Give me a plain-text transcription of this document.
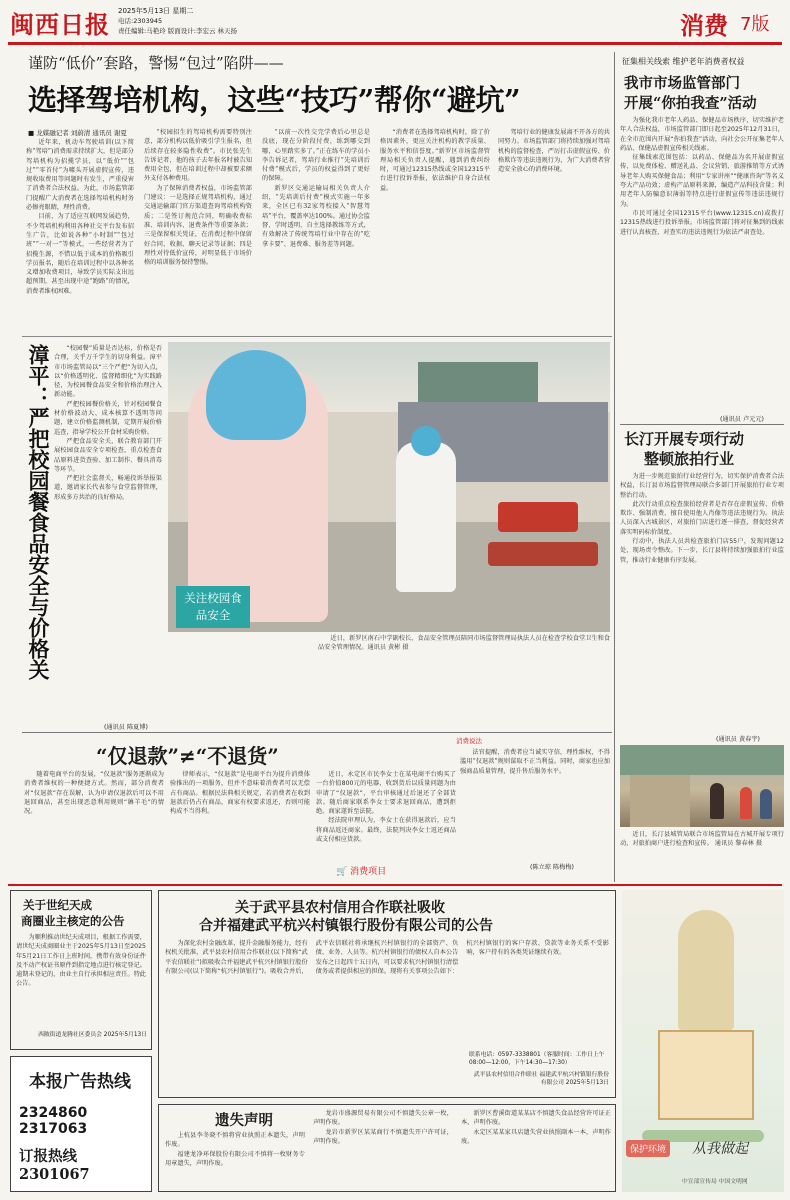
闽西日报 2025年5月13日 星期二
电话:2303945
责任编辑:马艳玲 版面设计:李宏云 林天扬	消费 7版
谨防“低价”套路，警惕“包过”陷阱——
选择驾培机构，这些“技巧”帮你“避坑”
■ 龙媒融记者 刘蔚清 通讯员 谢夏

近年来，机动车驾驶培训(以下简称“驾培”)消费需求持续扩大，但是部分驾培机构为招揽学员，以“低价”“包过”“零首付”为噱头开展虚假宣传，违规收取费用等问题时有发生，严重侵害了消费者合法权益。为此，市场监管部门提醒广大消费者在选择驾培机构时务必擦亮眼睛，理性消费。

目前，为了适应互联网发展趋势，不少驾培机构利用各种社交平台发布招生广告，比如说各种“小时制”“包过班”“一对一”等模式，一些经营者为了招揽生源，不惜以低于成本的价格吸引学员报名，随后在培训过程中以各种名义增加收费项目，导致学员实际支出远超预期，甚至出现中途“跑路”的情况，消费者维权困难。

“校园招生的驾培机构需要特别注意，部分机构以低价吸引学生报名，但后续存在较多隐性收费”。市民张先生告诉记者，他的孩子去年报名时被告知费用全包，但在培训过程中却被要求额外支付各种费用。

为了保障消费者权益，市场监管部门建议：一是选择正规驾培机构，通过交通运输部门官方渠道查询驾培机构资质；二是签订规范合同，明确收费标准、培训内容、退费条件等重要条款；三是保留相关凭证，在消费过程中保留好合同、收据、聊天记录等证据；四是理性对待低价宣传，对明显低于市场价格的培训服务保持警惕。

“以前一次性交完学费后心里总是没底，现在分阶段付费，练到哪交到哪，心里踏实多了。”正在练车的学员小李告诉记者，驾培行业推行“先培训后付费”模式后，学员的权益得到了更好的保障。

新罗区交通运输局相关负责人介绍，“先培训后付费”模式实施一年多来，全区已有32家驾校接入“智慧驾培”平台，覆盖率达100%。通过协会监督、学时透明、自主选择教练等方式，有效解决了传统驾培行业中存在的“吃拿卡要”、退费难、服务差等问题。

“消费者在选择驾培机构时，除了价格因素外，更应关注机构的教学质量、服务水平和信誉度。”新罗区市场监督管理局相关负责人提醒，遇到消费纠纷时，可通过12315热线或全国12315平台进行投诉举报，依法维护自身合法权益。

驾培行业的健康发展离不开各方的共同努力。市场监管部门将持续加强对驾培机构的监督检查，严厉打击虚假宣传、价格欺诈等违法违规行为，为广大消费者营造安全放心的消费环境。

征集相关线索 维护老年消费者权益
我市市场监管部门
开展“你拍我查”活动

为强化我市老年人药品、保健品市场秩序，切实维护老年人合法权益，市场监管部门即日起至2025年12月31日，在全市范围内开展“你拍我查”活动，向社会公开征集老年人药品、保健品虚假宣传相关线索。

征集线索范围包括：以药品、保健品为名开展虚假宣传，以免费体检、赠送礼品、会议营销、旅游推销等方式诱导老年人购买保健食品；利用“专家讲座”“健康咨询”等名义夸大产品功效；虚构产品原料来源，编造产品科技含量；利用老年人防骗意识薄弱等特点进行虚假宣传等违法违规行为。

市民可通过全国12315平台(www.12315.cn)或拨打12315热线进行投诉举报。市场监管部门将对征集到的线索进行认真核查，对查实的违法违规行为依法严肃查处。

(通讯员 卢元元)
长汀开展专项行动
整顿旅拍行业

为进一步规范旅拍行业经营行为，切实保护消费者合法权益，长汀县市场监督管理局联合多部门开展旅拍行业专项整治行动。

此次行动重点检查旅拍经营者是否存在虚假宣传、价格欺诈、强制消费、擅自使用他人肖像等违法违规行为。执法人员深入古城景区，对旅拍门店进行逐一排查，督促经营者落实明码标价制度。

行动中，执法人员共检查旅拍门店55户，发现问题12处，现场责令整改。下一步，长汀县将持续加强旅拍行业监管，推动行业健康有序发展。

(通讯员 黄春宇)
近日，长汀县城管局联合市场监管局在古城开展专项行动，对旅拍商户进行检查和宣传。 通讯员 黎春林 摄
漳平：严把校园餐食品安全与价格关	“校园餐”质量是否达标，价格是否合理，关乎万千学生的切身利益。漳平市市场监管局以“三个严把”为切入点，以“价格透明化、监督精细化”为实践路径，为校园餐食品安全和价格治理注入新动能。

严把校园餐价格关，针对校园餐食材价格波动大、成本核算不透明等问题，建立价格监测机制，定期开展价格巡查，指导学校公开食材采购价格。

严把食品安全关，联合教育部门开展校园食品安全专项检查，重点检查食品原料进货查验、加工制作、餐具消毒等环节。

严把社会监督关，畅通投诉举报渠道，邀请家长代表参与食堂监督管理，形成多方共治的良好格局。

(通讯员 陈夏博)
关注校园食品安全
近日，新罗区南石中学副校长、食品安全管理员陪同市场监督管理局执法人员在检查学校食堂卫生和食品安全管理情况。通讯员 黄彬 摄
“仅退款”≠“不退货”
消费说法

随着电商平台的发展，“仅退款”服务逐渐成为消费者维权的一种便捷方式。然而，部分消费者对“仅退款”存在误解，认为申请仅退款后可以不用退回商品，甚至出现恶意利用规则“薅羊毛”的情况。

律师表示，“仅退款”是电商平台为提升消费体验推出的一项服务，但并不意味着消费者可以无偿占有商品。根据民法典相关规定，若消费者在收到退款后仍占有商品，商家有权要求返还，否则可能构成不当得利。

近日，永定区市民李女士在某电商平台购买了一台价值800元的电器，收到货后以质量问题为由申请了“仅退款”，平台审核通过后退还了全部货款。随后商家联系李女士要求退回商品，遭到拒绝。商家遂诉至法院。

经法院审理认为，李女士在获得退款后，应当将商品返还商家。最终，法院判决李女士返还商品或支付相应货款。

法官提醒，消费者应当诚实守信，理性维权，不得滥用“仅退款”规则谋取不正当利益。同时，商家也应加强商品质量管理，提升售后服务水平。

(陈立琼 陈梅梅)
🛒 消费项目
关于世纪天成
商圈业主核定的公告
为顺利推动世纪天成项目，根据工作需要，请世纪天成商圈业主于2025年5月13日至2025年5月21日工作日上班时间，携带有效身份证件及不动产权证书原件到指定地点进行核定登记。逾期未登记的，由业主自行承担相应责任。特此公告。
西陂街道龙腾社区委员会 2025年5月13日
关于武平县农村信用合作联社吸收
合并福建武平杭兴村镇银行股份有限公司的公告
为深化农村金融改革，提升金融服务能力，经有权机关批准，武平县农村信用合作联社(以下简称“武平农信联社”)拟吸收合并福建武平杭兴村镇银行股份有限公司(以下简称“杭兴村镇银行”)。吸收合并后，武平农信联社将承继杭兴村镇银行的全部资产、负债、业务、人员等。杭兴村镇银行的债权人自本公告发布之日起四十五日内，可以要求杭兴村镇银行清偿债务或者提供相应的担保。现将有关事项公告如下：杭兴村镇银行的客户存款、贷款等业务关系不受影响，客户持有的各类凭证继续有效。
联系电话：0597-3338801（客服时间：工作日上午08:00—12:00，下午14:30—17:30）
武平县农村信用合作联社 福建武平杭兴村镇银行股份有限公司 2025年5月13日
本报广告热线
2324860 2317063
订报热线 2301067
遗失声明

上杭县李冬晓不慎将营业执照正本遗失，声明作废。

福建龙净环保股份有限公司不慎将一枚财务专用章遗失，声明作废。

龙岩市盛源贸易有限公司不慎遗失公章一枚，声明作废。

龙岩市新罗区某某商行不慎遗失开户许可证，声明作废。

新罗区曹溪街道某某店不慎遗失食品经营许可证正本，声明作废。

永定区某某家具店遗失营业执照副本一本，声明作废。

保护环境 从我做起
中宣部宣传局 中国文明网
